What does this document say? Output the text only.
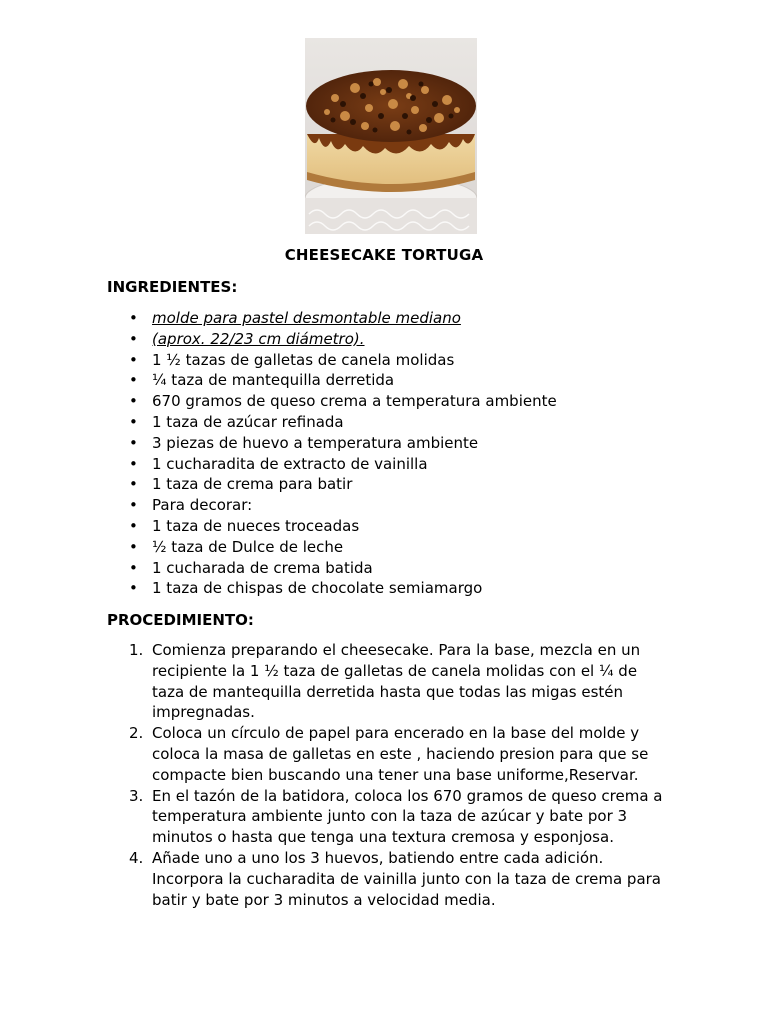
CHEESECAKE TORTUGA
INGREDIENTES:
• molde para pastel desmontable mediano
• (aprox. 22/23 cm diámetro).
• 1 ½ tazas de galletas de canela molidas
• ¼ taza de mantequilla derretida
• 670 gramos de queso crema a temperatura ambiente
• 1 taza de azúcar refinada
• 3 piezas de huevo a temperatura ambiente
• 1 cucharadita de extracto de vainilla
• 1 taza de crema para batir
• Para decorar:
• 1 taza de nueces troceadas
• ½ taza de Dulce de leche
• 1 cucharada de crema batida
• 1 taza de chispas de chocolate semiamargo
PROCEDIMIENTO:
1. Comienza preparando el cheesecake. Para la base, mezcla en un recipiente la 1 ½ taza de galletas de canela molidas con el ¼ de taza de mantequilla derretida hasta que todas las migas estén impregnadas.
2. Coloca un círculo de papel para encerado en la base del molde y coloca la masa de galletas en este , haciendo presion para que se compacte bien buscando una tener una base uniforme,Reservar.
3. En el tazón de la batidora, coloca los 670 gramos de queso crema a temperatura ambiente junto con la taza de azúcar y bate por 3 minutos o hasta que tenga una textura cremosa y esponjosa.
4. Añade uno a uno los 3 huevos, batiendo entre cada adición. Incorpora la cucharadita de vainilla junto con la taza de crema para batir y bate por 3 minutos a velocidad media.
